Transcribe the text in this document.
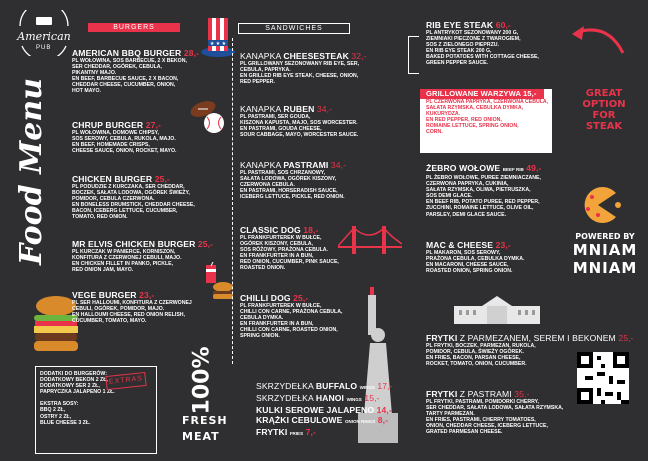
American
PUB
Food Menu
BURGERS
AMERICAN BBQ BURGER 28,-
PL WOŁOWINA, SOS BARBECUE, 2 X BEKON,
SER CHEDDAR, OGÓREK, CEBULA,
PIKANTNY MAJO.
EN BEEF, BARBECUE SAUCE, 2 X BACON,
CHEDDAR CHEESE, CUCUMBER, ONION,
HOT MAYO.
CHRUP BURGER 27,-
PL WOŁOWINA, DOMOWE CHIPSY,
SOS SEROWY, CEBULA, RUKOLA, MAJO.
EN BEEF, HOMEMADE CRISPS,
CHEESE SAUCE, ONION, ROCKET, MAYO.
CHICKEN BURGER 25,-
PL PODUDZIE Z KURCZAKA, SER CHEDDAR,
BOCZEK, SAŁATA LODOWA, OGÓREK ŚWIEŻY,
POMIDOR, CEBULA CZERWONA.
EN BONELESS DRUMSTICK, CHEDDAR CHEESE,
BACON, ICEBERG LETTUCE, CUCUMBER,
TOMATO, RED ONION.
MR ELVIS CHICKEN BURGER 25,-
PL KURCZAK W PANIERCE, KORNISZON,
KONFITURA Z CZERWONEJ CEBULI, MAJO.
EN CHICKEN FILLET IN PANKO, PICKLE,
RED ONION JAM, MAYO.
VEGE BURGER 23,-
PL SER HALLOUMI, KONFITURA Z CZERWONEJ
CEBULI, OGÓREK, POMIDOR, MAJO.
EN HALLOUMI CHEESE, RED ONION RELISH,
CUCUMBER, TOMATO, MAYO.
★ ★ ★
SANDWICHES
KANAPKA CHEESESTEAK 32,-
PL GRILLOWANY SEZONOWANY RIB EYE, SER,
CEBULA, PAPRYKA.
EN GRILLED RIB EYE STEAK, CHEESE, ONION,
RED PEPPER.
KANAPKA RUBEN 34,-
PL PASTRAMI, SER GOUDA,
KISZONA KAPUSTA, MAJO, SOS WORCESTER.
EN PASTRAMI, GOUDA CHEESE,
SOUR CABBAGE, MAYO, WORCESTER SAUCE.
KANAPKA PASTRAMI 34,-
PL PASTRAMI, SOS CHRZANOWY,
SAŁATA LODOWA, OGÓREK KISZONY,
CZERWONA CEBULA.
EN PASTRAMI, HORSERADISH SAUCE,
ICEBERG LETTUCE, PICKLE, RED ONION.
CLASSIC DOG 18,-
PL FRANKFURTEREK W BUŁCE,
OGÓREK KISZONY, CEBULA,
SOS RÓŻOWY, PRAŻONA CEBULA.
EN FRANKFURTER IN A BUN,
RED ONION, CUCUMBER, PINK SAUCE,
ROASTED ONION.
CHILLI DOG 25,-
PL FRANKFURTEREK W BUŁCE,
CHILLI CON CARNE, PRAŻONA CEBULA,
CEBULA DYMKA.
EN FRANKFURTER IN A BUN,
CHILLI CON CARNE, ROASTED ONION,
SPRING ONION.
DODATKI DO BURGERÓW:
DODATKOWY BEKON 2 ZŁ,
DODATKOWY SER 2 ZŁ,
PAPRYCZKA JALAPENO 1 ZŁ.
EKSTRA SOSY:
BBQ 2 ZŁ,
OSTRY 2 ZŁ,
BLUE CHEESE 3 ZŁ.
EXTRAS 100%
FRESH
MEAT
SKRZYDEŁKA BUFFALO WINGS 17,-
SKRZYDEŁKA HANOI WINGS 15,-
KULKI SEROWE JALAPENO 14,-
KRĄŻKI CEBULOWE ONION RINGS 8,-
FRYTKI FRIES 7,-
RIB EYE STEAK 60,-
PL ANTRYKOT SEZONOWANY 200 G,
ZIEMNIAKI PIECZONE Z TWAROGIEM,
SOS Z ZIELONEGO PIEPRZU.
EN RIB EYE STEAK 200 G,
BAKED POTATOES WITH COTTAGE CHEESE,
GREEN PEPPER SAUCE.
GRILLOWANE WARZYWA 15,-
PL CZERWONA PAPRYKA, CZERWONA CEBULA,
SAŁATA RZYMSKA, CEBULKA DYMKA,
KUKURYDZA.
EN RED PEPPER, RED ONION,
ROMAINE LETTUCE, SPRING ONION,
CORN.
GREAT
OPTION
FOR
STEAK
ŻEBRO WOŁOWE BEEF RIB 49,-
PL ŻEBRO WOŁOWE, PUREE ZIEMNIACZANE,
CZERWONA PAPRYKA, CUKINIA,
SAŁATA RZYMSKA, OLIWA, PIETRUSZKA,
SOS DEMI GLACE.
EN BEEF RIB, POTATO PUREE, RED PEPPER,
ZUCCHINI, ROMAINE LETTUCE, OLIVE OIL,
PARSLEY, DEMI GLACE SAUCE.
MAC & CHEESE 23,-
PL MAKARON, SOS SEROWY,
PRAŻONA CEBULA, CEBULKA DYMKA.
EN MACARONI, CHEESE SAUCE,
ROASTED ONION, SPRING ONION.
POWERED BY
MNIAM
MNIAM
FRYTKI Z PARMEZANEM, SEREM I BEKONEM 25,-
PL FRYTKI, BOCZEK, PARMEZAN, RUKOLA,
POMIDOR, CEBULA, ŚWIEŻY OGÓREK.
EN FRIES, BACON, PARSAN CHEESE,
ROCKET, TOMATO, ONION, CUCUMBER.
FRYTKI Z PASTRAMI 35,-
PL FRYTKI, PASTRAMI, POMIDORKI CHERRY,
SER CHEDDAR, SAŁATA LODOWA, SAŁATA RZYMSKA,
TARTY PARMEZAN.
EN FRIES, PASTRAMI, CHERRY TOMATOES,
ONION, CHEDDAR CHEESE, ICEBERG LETTUCE,
GRATED PARMESAN CHEESE.
